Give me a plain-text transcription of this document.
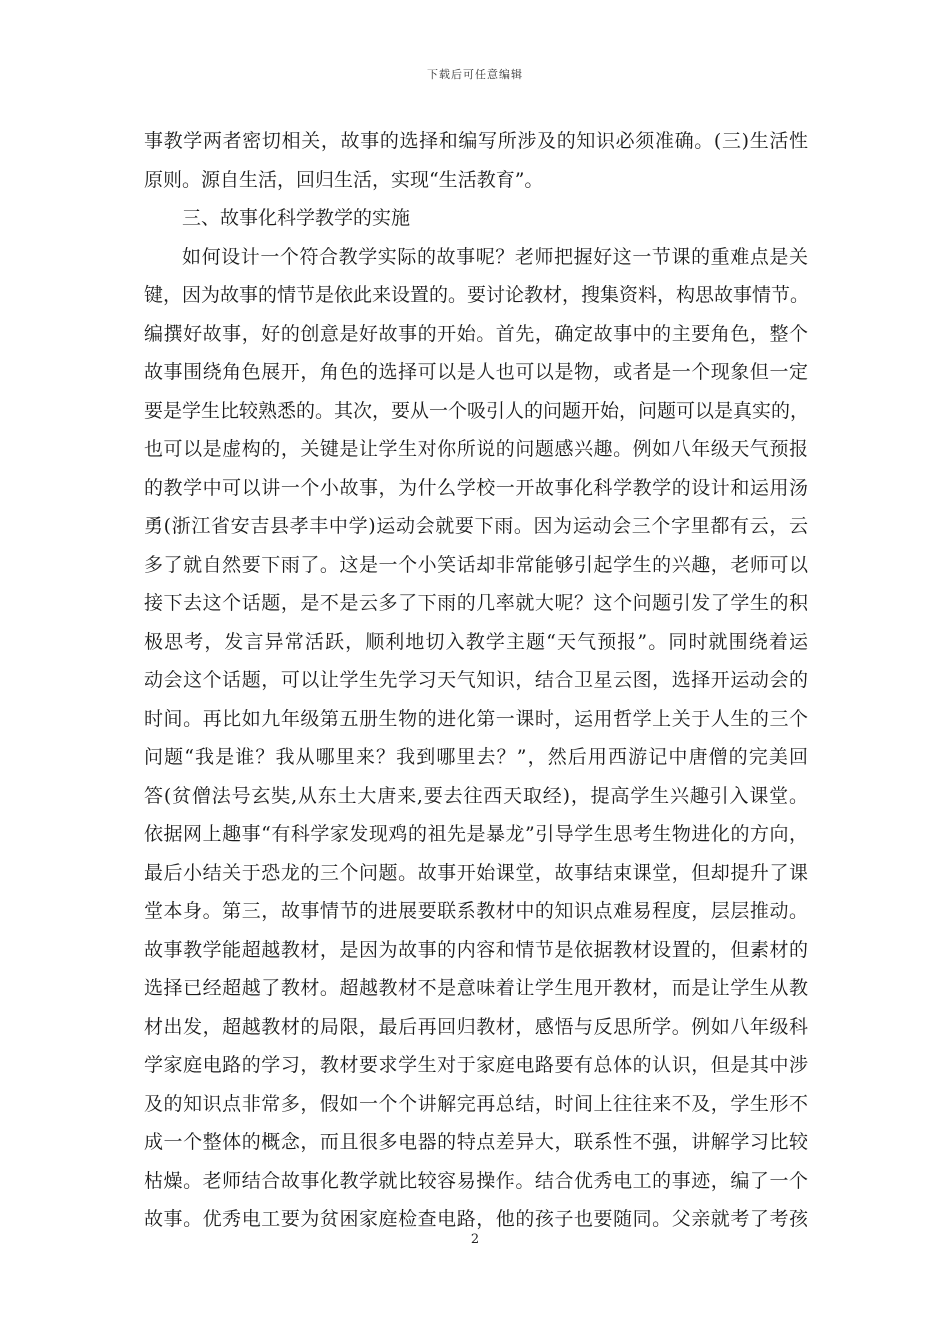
下载后可任意编辑
事教学两者密切相关，故事的选择和编写所涉及的知识必须准确。(三)生活性
原则。源自生活，回归生活，实现“生活教育”。
三、故事化科学教学的实施
如何设计一个符合教学实际的故事呢？老师把握好这一节课的重难点是关
键，因为故事的情节是依此来设置的。要讨论教材，搜集资料，构思故事情节。
编撰好故事，好的创意是好故事的开始。首先，确定故事中的主要角色，整个
故事围绕角色展开，角色的选择可以是人也可以是物，或者是一个现象但一定
要是学生比较熟悉的。其次，要从一个吸引人的问题开始，问题可以是真实的，
也可以是虚构的，关键是让学生对你所说的问题感兴趣。例如八年级天气预报
的教学中可以讲一个小故事，为什么学校一开故事化科学教学的设计和运用汤
勇(浙江省安吉县孝丰中学)运动会就要下雨。因为运动会三个字里都有云，云
多了就自然要下雨了。这是一个小笑话却非常能够引起学生的兴趣，老师可以
接下去这个话题，是不是云多了下雨的几率就大呢？这个问题引发了学生的积
极思考，发言异常活跃，顺利地切入教学主题“天气预报”。同时就围绕着运
动会这个话题，可以让学生先学习天气知识，结合卫星云图，选择开运动会的
时间。再比如九年级第五册生物的进化第一课时，运用哲学上关于人生的三个
问题“我是谁？我从哪里来？我到哪里去？”，然后用西游记中唐僧的完美回
答(贫僧法号玄奘,从东土大唐来,要去往西天取经)，提高学生兴趣引入课堂。
依据网上趣事“有科学家发现鸡的祖先是暴龙”引导学生思考生物进化的方向，
最后小结关于恐龙的三个问题。故事开始课堂，故事结束课堂，但却提升了课
堂本身。第三，故事情节的进展要联系教材中的知识点难易程度，层层推动。
故事教学能超越教材，是因为故事的内容和情节是依据教材设置的，但素材的
选择已经超越了教材。超越教材不是意味着让学生甩开教材，而是让学生从教
材出发，超越教材的局限，最后再回归教材，感悟与反思所学。例如八年级科
学家庭电路的学习，教材要求学生对于家庭电路要有总体的认识，但是其中涉
及的知识点非常多，假如一个个讲解完再总结，时间上往往来不及，学生形不
成一个整体的概念，而且很多电器的特点差异大，联系性不强，讲解学习比较
枯燥。老师结合故事化教学就比较容易操作。结合优秀电工的事迹，编了一个
故事。优秀电工要为贫困家庭检查电路，他的孩子也要随同。父亲就考了考孩
2
